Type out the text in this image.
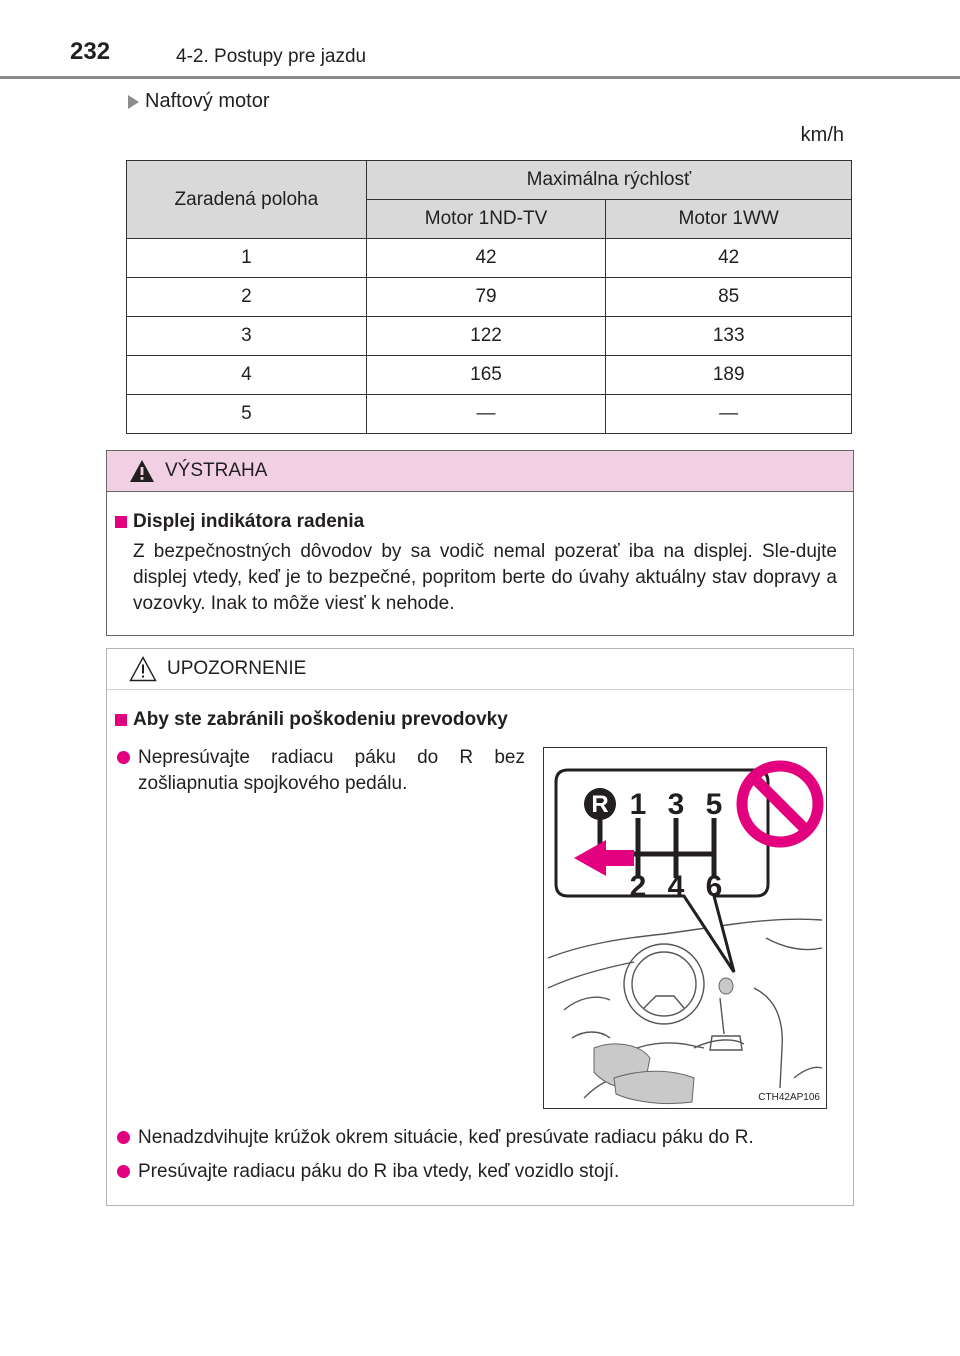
232	4-2. Postupy pre jazdu
Naftový motor
km/h
Zaradená poloha	Maximálna rýchlosť	
	Motor 1ND-TV	Motor 1WW
1	42	42
2	79	85
3	122	133
4	165	189
5	—	—
VÝSTRAHA
Displej indikátora radenia
Z bezpečnostných dôvodov by sa vodič nemal pozerať iba na displej. Sle-dujte displej vtedy, keď je to bezpečné, popritom berte do úvahy aktuálny stav dopravy a vozovky. Inak to môže viesť k nehode.
UPOZORNENIE
Aby ste zabránili poškodeniu prevodovky
Nepresúvajte radiacu páku do R bez zošliapnutia spojkového pedálu.
R 1 3 5
2 4 6
CTH42AP106
Nenadzdvihujte krúžok okrem situácie, keď presúvate radiacu páku do R.
Presúvajte radiacu páku do R iba vtedy, keď vozidlo stojí.
